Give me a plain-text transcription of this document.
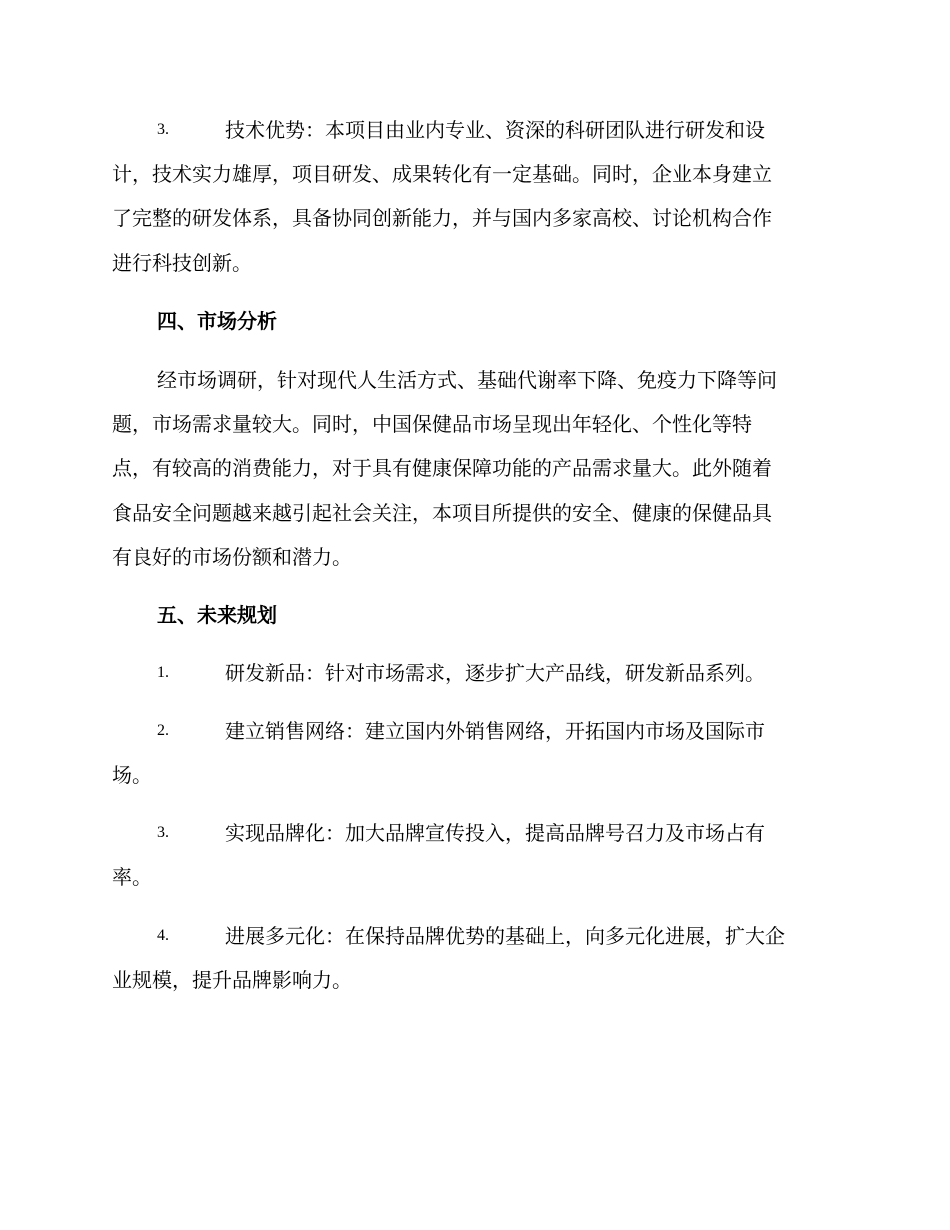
3.	技术优势：本项目由业内专业、资深的科研团队进行研发和设
计，技术实力雄厚，项目研发、成果转化有一定基础。同时，企业本身建立
了完整的研发体系，具备协同创新能力，并与国内多家高校、讨论机构合作
进行科技创新。
四、市场分析
经市场调研，针对现代人生活方式、基础代谢率下降、免疫力下降等问
题，市场需求量较大。同时，中国保健品市场呈现出年轻化、个性化等特
点，有较高的消费能力，对于具有健康保障功能的产品需求量大。此外随着
食品安全问题越来越引起社会关注，本项目所提供的安全、健康的保健品具
有良好的市场份额和潜力。
五、未来规划
1.	研发新品：针对市场需求，逐步扩大产品线，研发新品系列。
2.	建立销售网络：建立国内外销售网络，开拓国内市场及国际市
场。
3.	实现品牌化：加大品牌宣传投入，提高品牌号召力及市场占有
率。
4.	进展多元化：在保持品牌优势的基础上，向多元化进展，扩大企
业规模，提升品牌影响力。
